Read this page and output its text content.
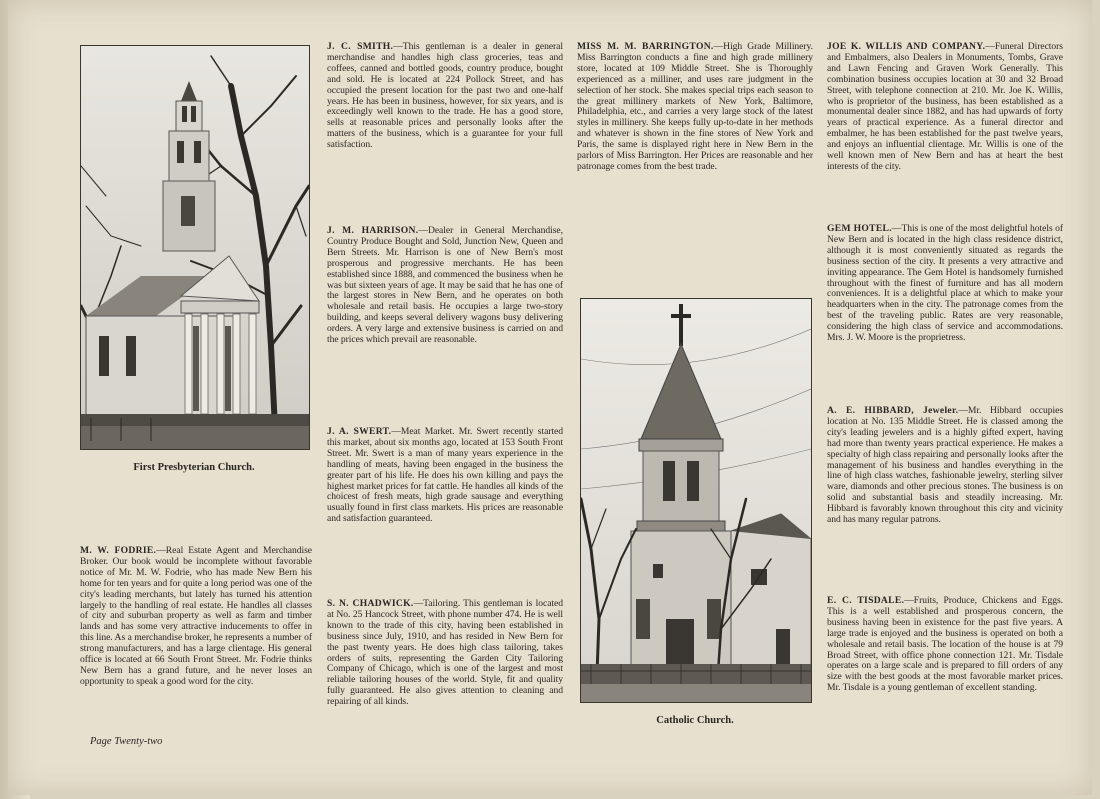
First Presbyterian Church.
Catholic Church.

M. W. FODRIE.—Real Estate Agent and Merchandise Broker. Our book would be incomplete without favorable notice of Mr. M. W. Fodrie, who has made New Bern his home for ten years and for quite a long period was one of the city's leading merchants, but lately has turned his attention largely to the handling of real estate. He handles all classes of city and suburban property as well as farm and timber lands and has some very attractive inducements to offer in this line. As a merchandise broker, he represents a number of strong manufacturers, and has a large clientage. His general office is located at 66 South Front Street. Mr. Fodrie thinks New Bern has a grand future, and he never loses an opportunity to speak a good word for the city.

Page Twenty-two

J. C. SMITH.—This gentleman is a dealer in general merchandise and handles high class groceries, teas and coffees, canned and bottled goods, country produce, bought and sold. He is located at 224 Pollock Street, and has occupied the present location for the past two and one-half years. He has been in business, however, for six years, and is exceedingly well known to the trade. He has a good store, sells at reasonable prices and personally looks after the matters of the business, which is a guarantee for your full satisfaction.

J. M. HARRISON.—Dealer in General Merchandise, Country Produce Bought and Sold, Junction New, Queen and Bern Streets. Mr. Harrison is one of New Bern's most prosperous and progressive merchants. He has been established since 1888, and commenced the business when he was but sixteen years of age. It may be said that he has one of the largest stores in New Bern, and he operates on both wholesale and retail basis. He occupies a large two-story building, and keeps several delivery wagons busy delivering orders. A very large and extensive business is carried on and the prices which prevail are reasonable.

J. A. SWERT.—Meat Market. Mr. Swert recently started this market, about six months ago, located at 153 South Front Street. Mr. Swert is a man of many years experience in the handling of meats, having been engaged in the business the greater part of his life. He does his own killing and pays the highest market prices for fat cattle. He handles all kinds of the choicest of fresh meats, high grade sausage and everything usually found in first class markets. His prices are reasonable and satisfaction guaranteed.

S. N. CHADWICK.—Tailoring. This gentleman is located at No. 25 Hancock Street, with phone number 474. He is well known to the trade of this city, having been established in business since July, 1910, and has resided in New Bern for the past twenty years. He does high class tailoring, takes orders of suits, representing the Garden City Tailoring Company of Chicago, which is one of the largest and most reliable tailoring houses of the world. Style, fit and quality fully guaranteed. He also gives attention to cleaning and repairing of all kinds.

MISS M. M. BARRINGTON.—High Grade Millinery. Miss Barrington conducts a fine and high grade millinery store, located at 109 Middle Street. She is Thoroughly experienced as a milliner, and uses rare judgment in the selection of her stock. She makes special trips each season to the great millinery markets of New York, Baltimore, Philadelphia, etc., and carries a very large stock of the latest styles in millinery. She keeps fully up-to-date in her methods and whatever is shown in the fine stores of New York and Paris, the same is displayed right here in New Bern in the parlors of Miss Barrington. Her Prices are reasonable and her patronage comes from the best trade.

JOE K. WILLIS AND COMPANY.—Funeral Directors and Embalmers, also Dealers in Monuments, Tombs, Grave and Lawn Fencing and Graven Work Generally. This combination business occupies location at 30 and 32 Broad Street, with telephone connection at 210. Mr. Joe K. Willis, who is proprietor of the business, has been established as a monumental dealer since 1882, and has had upwards of forty years of practical experience. As a funeral director and embalmer, he has been established for the past twelve years, and enjoys an influential clientage. Mr. Willis is one of the well known men of New Bern and has at heart the best interests of the city.

GEM HOTEL.—This is one of the most delightful hotels of New Bern and is located in the high class residence district, although it is most conveniently situated as regards the business section of the city. It presents a very attractive and inviting appearance. The Gem Hotel is handsomely furnished throughout with the finest of furniture and has all modern conveniences. It is a delightful place at which to make your headquarters when in the city. The patronage comes from the best of the traveling public. Rates are very reasonable, considering the high class of service and accommodations. Mrs. J. W. Moore is the proprietress.

A. E. HIBBARD, Jeweler.—Mr. Hibbard occupies location at No. 135 Middle Street. He is classed among the city's leading jewelers and is a highly gifted expert, having had more than twenty years practical experience. He makes a specialty of high class repairing and personally looks after the management of his business and handles everything in the line of high class watches, fashionable jewelry, sterling silver ware, diamonds and other precious stones. The business is on solid and substantial basis and steadily increasing. Mr. Hibbard is favorably known throughout this city and vicinity and has many regular patrons.

E. C. TISDALE.—Fruits, Produce, Chickens and Eggs. This is a well established and prosperous concern, the business having been in existence for the past five years. A large trade is enjoyed and the business is operated on both a wholesale and retail basis. The location of the house is at 79 Broad Street, with office phone connection 121. Mr. Tisdale operates on a large scale and is prepared to fill orders of any size with the best goods at the most favorable market prices. Mr. Tisdale is a young gentleman of excellent standing.
